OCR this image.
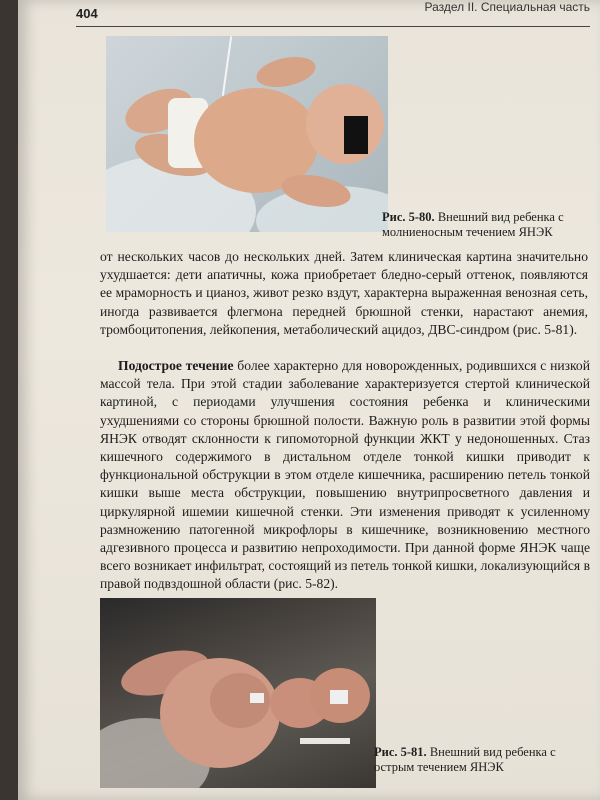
404	Раздел II. Специальная часть
Рис. 5-80. Внешний вид ребенка с молниеносным течением ЯНЭК

от нескольких часов до нескольких дней. Затем клиническая картина значительно ухудшается: дети апатичны, кожа приобретает бледно-серый оттенок, появляются ее мраморность и цианоз, живот резко вздут, характерна выраженная венозная сеть, иногда развивается флегмона передней брюшной стенки, нарастают анемия, тромбоцитопения, лейкопения, метаболический ацидоз, ДВС-синдром (рис. 5-81).

Подострое течение более характерно для новорожденных, родившихся с низкой массой тела. При этой стадии заболевание характеризуется стертой клинической картиной, с периодами улучшения состояния ребенка и клиническими ухудшениями со стороны брюшной полости. Важную роль в развитии этой формы ЯНЭК отводят склонности к гипомоторной функции ЖКТ у недоношенных. Стаз кишечного содержимого в дистальном отделе тонкой кишки приводит к функциональной обструкции в этом отделе кишечника, расширению петель тонкой кишки выше места обструкции, повышению внутрипросветного давления и циркулярной ишемии кишечной стенки. Эти изменения приводят к усиленному размножению патогенной микрофлоры в кишечнике, возникновению местного адгезивного процесса и развитию непроходимости. При данной форме ЯНЭК чаще всего возникает инфильтрат, состоящий из петель тонкой кишки, локализующийся в правой подвздошной области (рис. 5-82).

Рис. 5-81. Внешний вид ребенка с острым течением ЯНЭК
